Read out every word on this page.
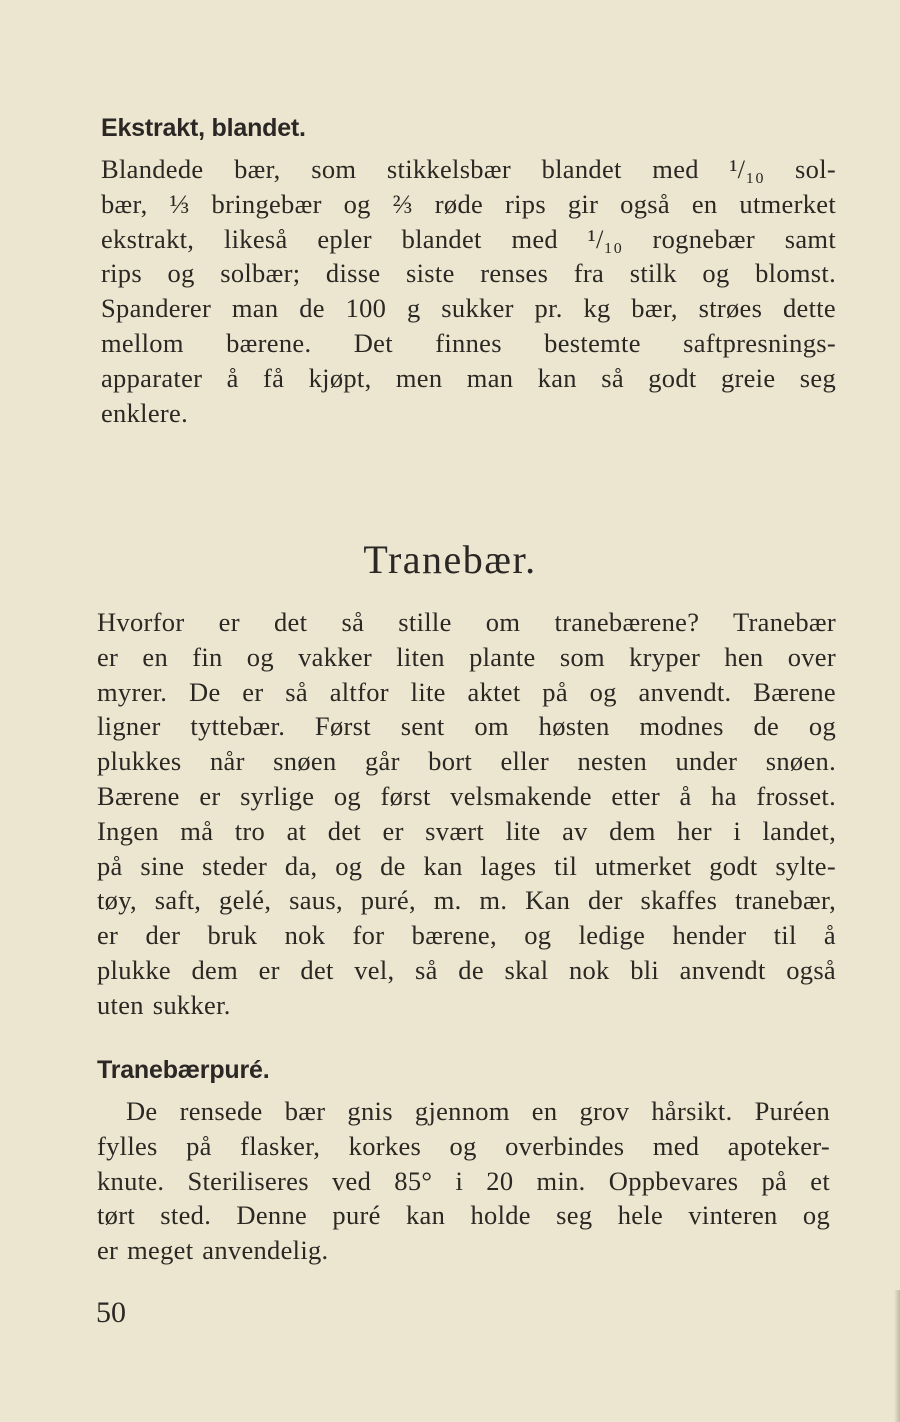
Ekstrakt, blandet.
Blandede bær, som stikkelsbær blandet med ¹/₁₀ sol-
bær, ⅓ bringebær og ⅔ røde rips gir også en utmerket
ekstrakt, likeså epler blandet med ¹/₁₀ rognebær samt
rips og solbær; disse siste renses fra stilk og blomst.
Spanderer man de 100 g sukker pr. kg bær, strøes dette
mellom bærene. Det finnes bestemte saftpresnings-
apparater å få kjøpt, men man kan så godt greie seg
enklere.
Tranebær.
Hvorfor er det så stille om tranebærene? Tranebær
er en fin og vakker liten plante som kryper hen over
myrer. De er så altfor lite aktet på og anvendt. Bærene
ligner tyttebær. Først sent om høsten modnes de og
plukkes når snøen går bort eller nesten under snøen.
Bærene er syrlige og først velsmakende etter å ha frosset.
Ingen må tro at det er svært lite av dem her i landet,
på sine steder da, og de kan lages til utmerket godt sylte-
tøy, saft, gelé, saus, puré, m. m. Kan der skaffes tranebær,
er der bruk nok for bærene, og ledige hender til å
plukke dem er det vel, så de skal nok bli anvendt også
uten sukker.
Tranebærpuré.
De rensede bær gnis gjennom en grov hårsikt. Puréen
fylles på flasker, korkes og overbindes med apoteker-
knute. Steriliseres ved 85° i 20 min. Oppbevares på et
tørt sted. Denne puré kan holde seg hele vinteren og
er meget anvendelig.
50
